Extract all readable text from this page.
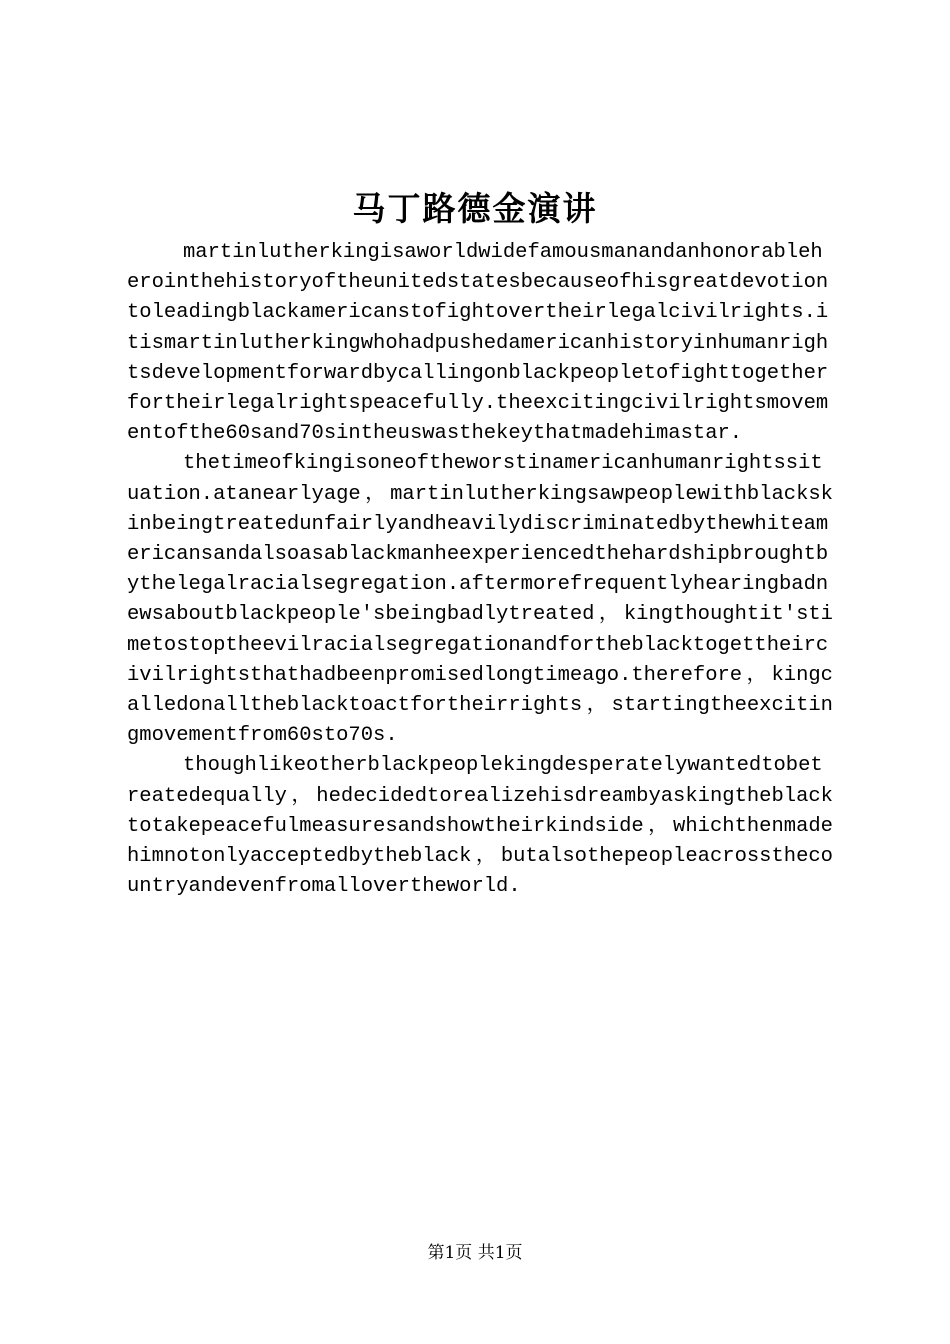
马丁路德金演讲

martinlutherkingisaworldwidefamousmanandanhonorableherointhehistoryoftheunitedstatesbecauseofhisgreatdevotiontoleadingblackamericanstofightovertheirlegalcivilrights.itismartinlutherkingwhohadpushedamericanhistoryinhumanrightsdevelopmentforwardbycallingonblackpeopletofighttogetherfortheirlegalrightspeacefully.theexcitingcivilrightsmovementofthe60sand70sintheuswasthekeythatmadehimastar.

thetimeofkingisoneoftheworstinamericanhumanrightssituation.atanearlyage，martinlutherkingsawpeoplewithblackskinbeingtreatedunfairlyandheavilydiscriminatedbythewhiteamericansandalsoasablackmanheexperiencedthehardshipbroughtbythelegalracialsegregation.aftermorefrequentlyhearingbadnewsaboutblackpeople'sbeingbadlytreated，kingthoughtit'stimetostoptheevilracialsegregationandfortheblacktogettheircivilrightsthathadbeenpromisedlongtimeago.therefore，kingcalledonalltheblacktoactfortheirrights，startingtheexcitingmovementfrom60sto70s.

thoughlikeotherblackpeoplekingdesperatelywantedtobetreatedequally，hedecidedtorealizehisdreambyaskingtheblacktotakepeacefulmeasuresandshowtheirkindside，whichthenmadehimnotonlyacceptedbytheblack，butalsothepeopleacrossthecountryandevenfromallovertheworld.

第1页 共1页
